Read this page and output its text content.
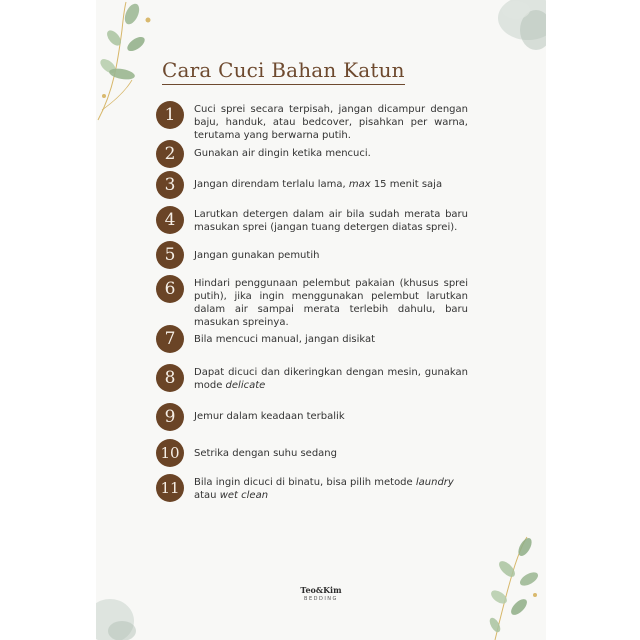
Cara Cuci Bahan Katun
1	Cuci sprei secara terpisah, jangan dicampur dengan baju, handuk, atau bedcover, pisahkan per warna, terutama yang berwarna putih.

2	Gunakan air dingin ketika mencuci.

3	Jangan direndam terlalu lama, max 15 menit saja

4	Larutkan detergen dalam air bila sudah merata baru masukan sprei (jangan tuang detergen diatas sprei).

5	Jangan gunakan pemutih

6	Hindari penggunaan pelembut pakaian (khusus sprei putih), jika ingin menggunakan pelembut larutkan dalam air sampai merata terlebih dahulu, baru masukan spreinya.

7	Bila mencuci manual, jangan disikat

8	Dapat dicuci dan dikeringkan dengan mesin, gunakan mode delicate

9	Jemur dalam keadaan terbalik

10	Setrika dengan suhu sedang

11	Bila ingin dicuci di binatu, bisa pilih metode laundry
atau wet clean

Teo&Kim
BEDDING
